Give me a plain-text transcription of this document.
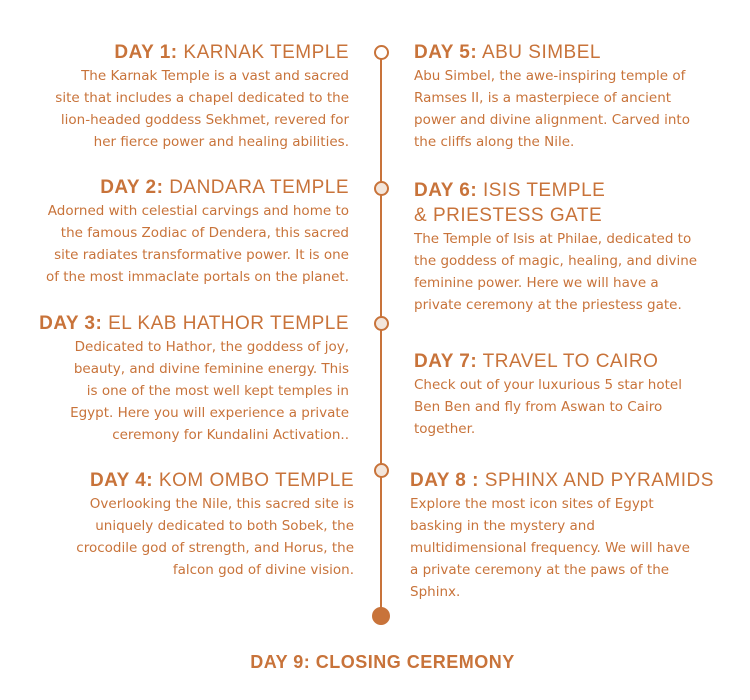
DAY 1: KARNAK TEMPLE

The Karnak Temple is a vast and sacred
site that includes a chapel dedicated to the
lion-headed goddess Sekhmet, revered for
her fierce power and healing abilities.

DAY 2: DANDARA TEMPLE

Adorned with celestial carvings and home to
the famous Zodiac of Dendera, this sacred
site radiates transformative power. It is one
of the most immaclate portals on the planet.

DAY 3: EL KAB HATHOR TEMPLE

Dedicated to Hathor, the goddess of joy,
beauty, and divine feminine energy. This
is one of the most well kept temples in
Egypt. Here you will experience a private
ceremony for Kundalini Activation..

DAY 4: KOM OMBO TEMPLE

Overlooking the Nile, this sacred site is
uniquely dedicated to both Sobek, the
crocodile god of strength, and Horus, the
falcon god of divine vision.

DAY 5: ABU SIMBEL

Abu Simbel, the awe-inspiring temple of
Ramses II, is a masterpiece of ancient
power and divine alignment. Carved into
the cliffs along the Nile.

DAY 6: ISIS TEMPLE
& PRIESTESS GATE

The Temple of Isis at Philae, dedicated to
the goddess of magic, healing, and divine
feminine power. Here we will have a
private ceremony at the priestess gate.

DAY 7: TRAVEL TO CAIRO

Check out of your luxurious 5 star hotel
Ben Ben and fly from Aswan to Cairo
together.

DAY 8 : SPHINX AND PYRAMIDS

Explore the most icon sites of Egypt
basking in the mystery and
multidimensional frequency. We will have
a private ceremony at the paws of the
Sphinx.

DAY 9: CLOSING CEREMONY
